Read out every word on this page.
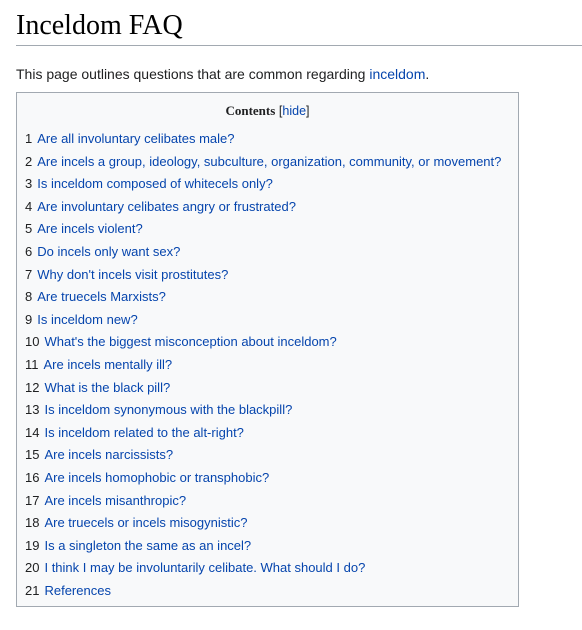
Inceldom FAQ
This page outlines questions that are common regarding inceldom.
Contents [hide]
1 Are all involuntary celibates male?
2 Are incels a group, ideology, subculture, organization, community, or movement?
3 Is inceldom composed of whitecels only?
4 Are involuntary celibates angry or frustrated?
5 Are incels violent?
6 Do incels only want sex?
7 Why don't incels visit prostitutes?
8 Are truecels Marxists?
9 Is inceldom new?
10 What's the biggest misconception about inceldom?
11 Are incels mentally ill?
12 What is the black pill?
13 Is inceldom synonymous with the blackpill?
14 Is inceldom related to the alt-right?
15 Are incels narcissists?
16 Are incels homophobic or transphobic?
17 Are incels misanthropic?
18 Are truecels or incels misogynistic?
19 Is a singleton the same as an incel?
20 I think I may be involuntarily celibate. What should I do?
21 References
